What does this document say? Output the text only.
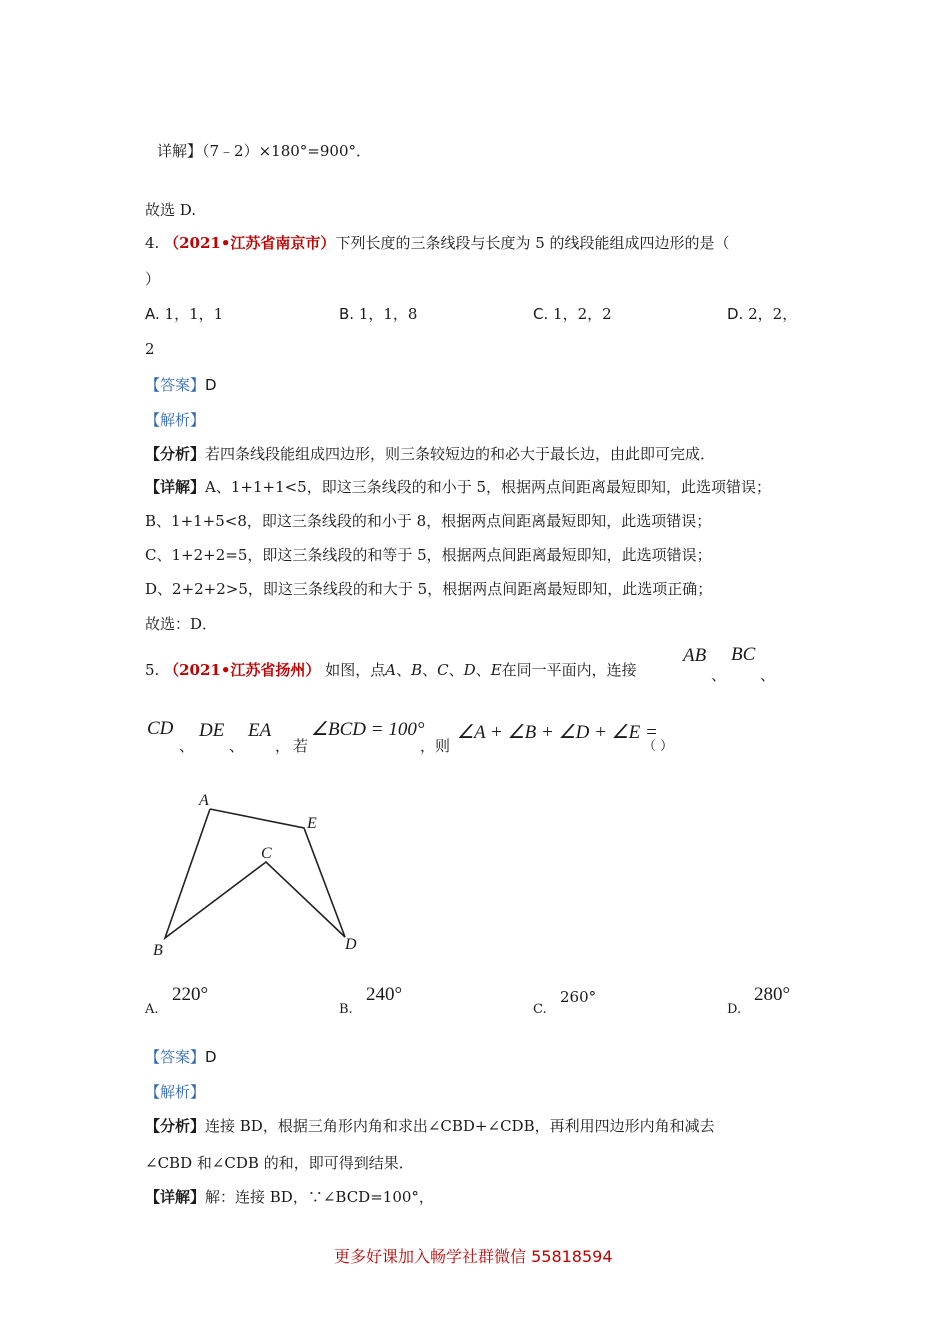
详解】（7﹣2）×180°=900°．
故选 D.
4. （2021•江苏省南京市）下列长度的三条线段与长度为 5 的线段能组成四边形的是（
）
A. 1，1，1	B. 1，1，8	C. 1，2，2	D. 2，2，
2
【答案】D
【解析】
【分析】若四条线段能组成四边形，则三条较短边的和必大于最长边，由此即可完成．
【详解】A、1+1+1<5，即这三条线段的和小于 5，根据两点间距离最短即知，此选项错误；
B、1+1+5<8，即这三条线段的和小于 8，根据两点间距离最短即知，此选项错误；
C、1+2+2=5，即这三条线段的和等于 5，根据两点间距离最短即知，此选项错误；
D、2+2+2>5，即这三条线段的和大于 5，根据两点间距离最短即知，此选项正确；
故选：D．
5. （2021•江苏省扬州） 如图，点A、B、C、D、E在同一平面内，连接
AB
、
BC
、
CD
、
DE
、
EA
， 若
∠BCD = 100°
，则
∠A + ∠B + ∠D + ∠E =
（ ）
A
B
C
D
E
A.
220°
B.
240°
C.
260°
D.
280°
【答案】D
【解析】
【分析】连接 BD，根据三角形内角和求出∠CBD+∠CDB，再利用四边形内角和减去
∠CBD 和∠CDB 的和，即可得到结果．
【详解】解：连接 BD，∵∠BCD=100°，
更多好课加入畅学社群微信 55818594
